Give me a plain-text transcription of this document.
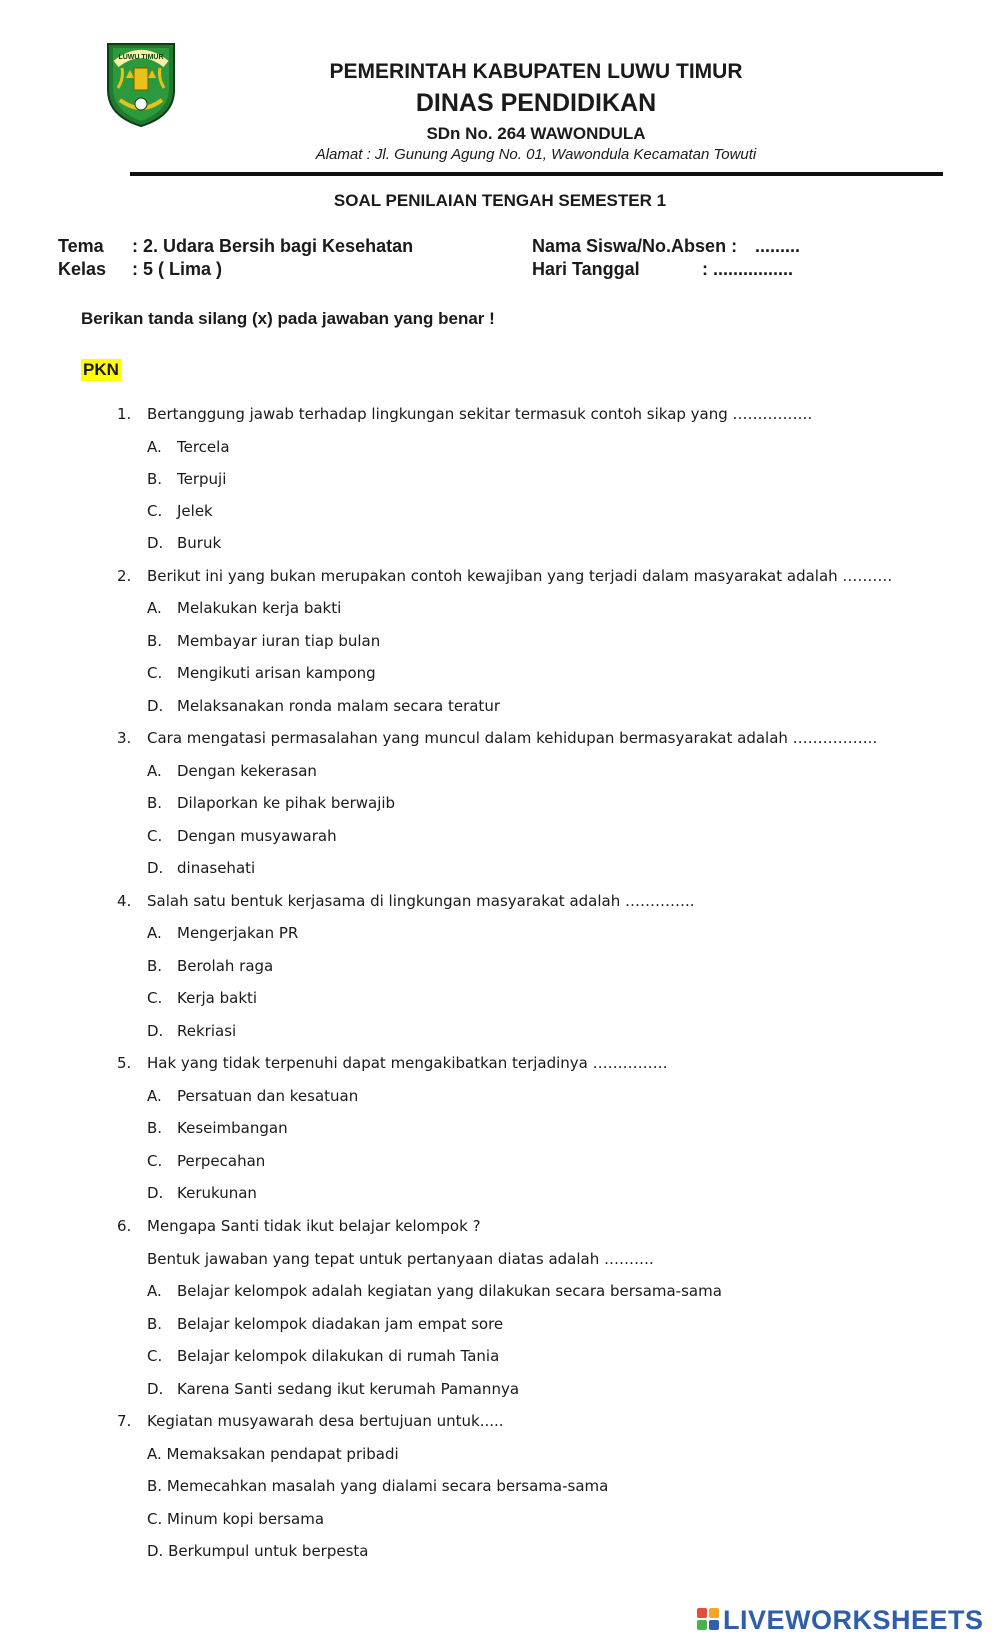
LUWU TIMUR
PEMERINTAH KABUPATEN LUWU TIMUR
DINAS PENDIDIKAN
SDn No. 264 WAWONDULA
Alamat : Jl. Gunung Agung No. 01, Wawondula Kecamatan Towuti
SOAL PENILAIAN TENGAH SEMESTER 1
Tema : 2. Udara Bersih bagi Kesehatan
Kelas : 5 ( Lima )
Nama Siswa/No.Absen : .........
Hari Tanggal	: ................
Berikan tanda silang (x) pada jawaban yang benar !
PKN
1. Bertanggung jawab terhadap lingkungan sekitar termasuk contoh sikap yang …………….
A. Tercela
B. Terpuji
C. Jelek
D. Buruk
2. Berikut ini yang bukan merupakan contoh kewajiban yang terjadi dalam masyarakat adalah ……….
A. Melakukan kerja bakti
B. Membayar iuran tiap bulan
C. Mengikuti arisan kampong
D. Melaksanakan ronda malam secara teratur
3. Cara mengatasi permasalahan yang muncul dalam kehidupan bermasyarakat adalah ……………..
A. Dengan kekerasan
B. Dilaporkan ke pihak berwajib
C. Dengan musyawarah
D. dinasehati
4. Salah satu bentuk kerjasama di lingkungan masyarakat adalah …………..
A. Mengerjakan PR
B. Berolah raga
C. Kerja bakti
D. Rekriasi
5. Hak yang tidak terpenuhi dapat mengakibatkan terjadinya ……………
A. Persatuan dan kesatuan
B. Keseimbangan
C. Perpecahan
D. Kerukunan
6. Mengapa Santi tidak ikut belajar kelompok ?
Bentuk jawaban yang tepat untuk pertanyaan diatas adalah ……….
A. Belajar kelompok adalah kegiatan yang dilakukan secara bersama-sama
B. Belajar kelompok diadakan jam empat sore
C. Belajar kelompok dilakukan di rumah Tania
D. Karena Santi sedang ikut kerumah Pamannya
7. Kegiatan musyawarah desa bertujuan untuk.....
A. Memaksakan pendapat pribadi
B. Memecahkan masalah yang dialami secara bersama-sama
C. Minum kopi bersama
D. Berkumpul untuk berpesta
LIVEWORKSHEETS
